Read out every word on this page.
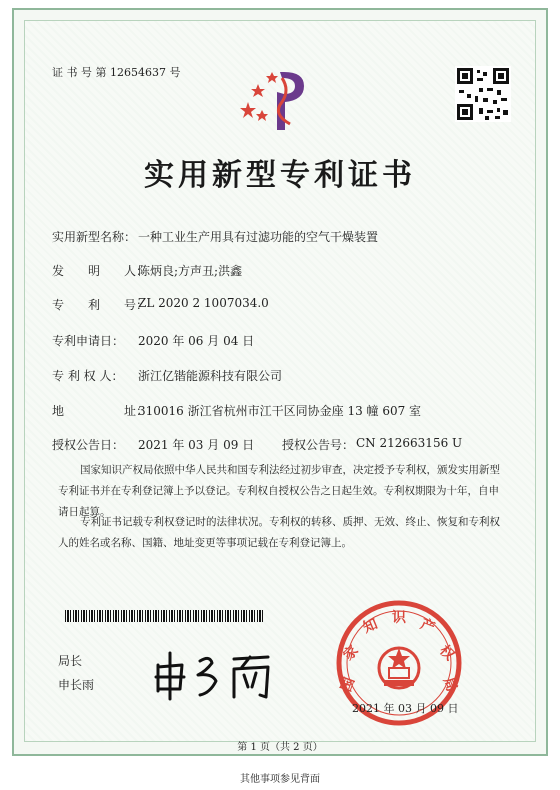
证 书 号 第 12654637 号
实用新型专利证书
实用新型名称： 一种工业生产用具有过滤功能的空气干燥装置
发　　明　　人：
陈炳良;方声丑;洪鑫
专　　利　　号：
ZL 2020 2 1007034.0
专利申请日： 2020 年 06 月 04 日
专 利 权 人： 浙江亿锴能源科技有限公司
地　　　　　址：
310016 浙江省杭州市江干区同协金座 13 幢 607 室
授权公告日： 2021 年 03 月 09 日 授权公告号： CN 212663156 U
国家知识产权局依照中华人民共和国专利法经过初步审查，决定授予专利权，颁发实用新型专利证书并在专利登记簿上予以登记。专利权自授权公告之日起生效。专利权期限为十年，自申请日起算。
专利证书记载专利权登记时的法律状况。专利权的转移、质押、无效、终止、恢复和专利权人的姓名或名称、国籍、地址变更等事项记载在专利登记簿上。
局长
申长雨	国
家
知 识 产
权
局
2021 年 03 月 09 日
第 1 页（共 2 页）
其他事项参见背面
